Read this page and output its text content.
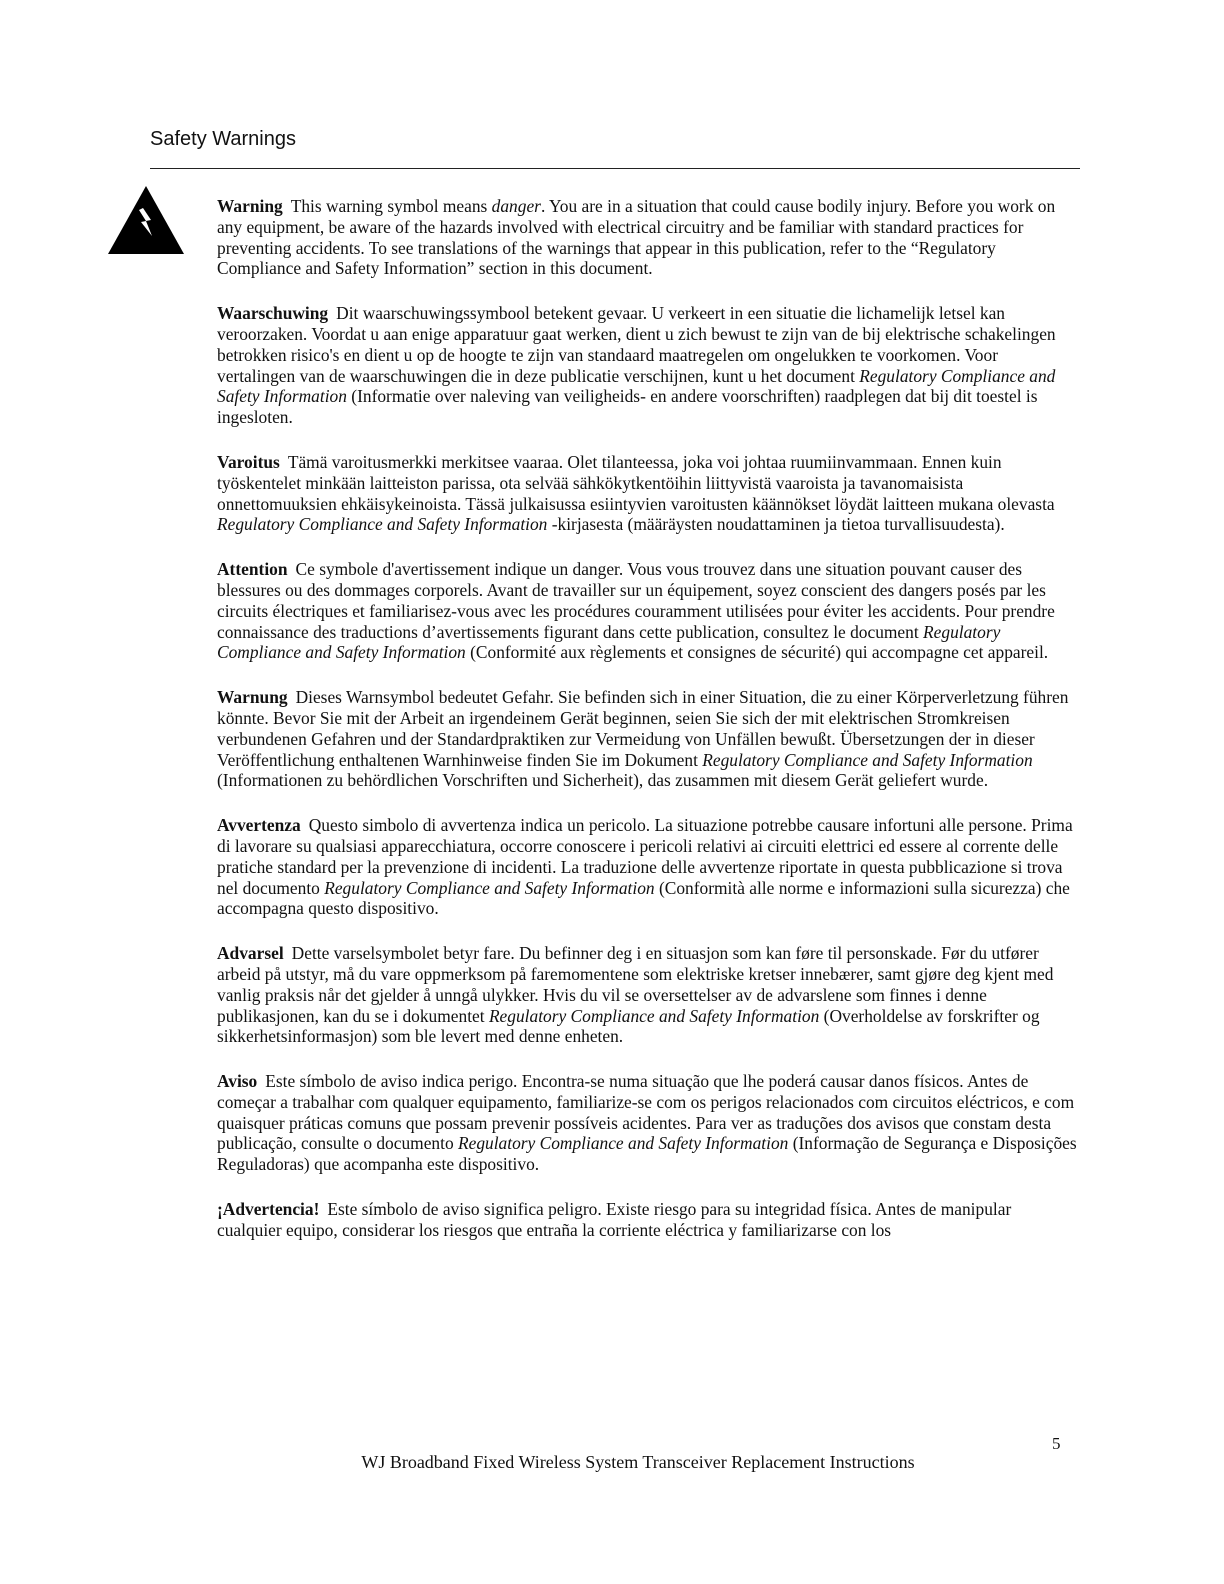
Safety Warnings

Warning This warning symbol means danger. You are in a situation that could cause bodily injury. Before you work on any equipment, be aware of the hazards involved with electrical circuitry and be familiar with standard practices for preventing accidents. To see translations of the warnings that appear in this publication, refer to the “Regulatory Compliance and Safety Information” section in this document.

Waarschuwing Dit waarschuwingssymbool betekent gevaar. U verkeert in een situatie die lichamelijk letsel kan veroorzaken. Voordat u aan enige apparatuur gaat werken, dient u zich bewust te zijn van de bij elektrische schakelingen betrokken risico's en dient u op de hoogte te zijn van standaard maatregelen om ongelukken te voorkomen. Voor vertalingen van de waarschuwingen die in deze publicatie verschijnen, kunt u het document Regulatory Compliance and Safety Information (Informatie over naleving van veiligheids- en andere voorschriften) raadplegen dat bij dit toestel is ingesloten.

Varoitus Tämä varoitusmerkki merkitsee vaaraa. Olet tilanteessa, joka voi johtaa ruumiinvammaan. Ennen kuin työskentelet minkään laitteiston parissa, ota selvää sähkökytkentöihin liittyvistä vaaroista ja tavanomaisista onnettomuuksien ehkäisykeinoista. Tässä julkaisussa esiintyvien varoitusten käännökset löydät laitteen mukana olevasta Regulatory Compliance and Safety Information -kirjasesta (määräysten noudattaminen ja tietoa turvallisuudesta).

Attention Ce symbole d'avertissement indique un danger. Vous vous trouvez dans une situation pouvant causer des blessures ou des dommages corporels. Avant de travailler sur un équipement, soyez conscient des dangers posés par les circuits électriques et familiarisez-vous avec les procédures couramment utilisées pour éviter les accidents. Pour prendre connaissance des traductions d’avertissements figurant dans cette publication, consultez le document Regulatory Compliance and Safety Information (Conformité aux règlements et consignes de sécurité) qui accompagne cet appareil.

Warnung Dieses Warnsymbol bedeutet Gefahr. Sie befinden sich in einer Situation, die zu einer Körperverletzung führen könnte. Bevor Sie mit der Arbeit an irgendeinem Gerät beginnen, seien Sie sich der mit elektrischen Stromkreisen verbundenen Gefahren und der Standardpraktiken zur Vermeidung von Unfällen bewußt. Übersetzungen der in dieser Veröffentlichung enthaltenen Warnhinweise finden Sie im Dokument Regulatory Compliance and Safety Information (Informationen zu behördlichen Vorschriften und Sicherheit), das zusammen mit diesem Gerät geliefert wurde.

Avvertenza Questo simbolo di avvertenza indica un pericolo. La situazione potrebbe causare infortuni alle persone. Prima di lavorare su qualsiasi apparecchiatura, occorre conoscere i pericoli relativi ai circuiti elettrici ed essere al corrente delle pratiche standard per la prevenzione di incidenti. La traduzione delle avvertenze riportate in questa pubblicazione si trova nel documento Regulatory Compliance and Safety Information (Conformità alle norme e informazioni sulla sicurezza) che accompagna questo dispositivo.

Advarsel Dette varselsymbolet betyr fare. Du befinner deg i en situasjon som kan føre til personskade. Før du utfører arbeid på utstyr, må du vare oppmerksom på faremomentene som elektriske kretser innebærer, samt gjøre deg kjent med vanlig praksis når det gjelder å unngå ulykker. Hvis du vil se oversettelser av de advarslene som finnes i denne publikasjonen, kan du se i dokumentet Regulatory Compliance and Safety Information (Overholdelse av forskrifter og sikkerhetsinformasjon) som ble levert med denne enheten.

Aviso Este símbolo de aviso indica perigo. Encontra-se numa situação que lhe poderá causar danos físicos. Antes de começar a trabalhar com qualquer equipamento, familiarize-se com os perigos relacionados com circuitos eléctricos, e com quaisquer práticas comuns que possam prevenir possíveis acidentes. Para ver as traduções dos avisos que constam desta publicação, consulte o documento Regulatory Compliance and Safety Information (Informação de Segurança e Disposições Reguladoras) que acompanha este dispositivo.

¡Advertencia! Este símbolo de aviso significa peligro. Existe riesgo para su integridad física. Antes de manipular cualquier equipo, considerar los riesgos que entraña la corriente eléctrica y familiarizarse con los

5
WJ Broadband Fixed Wireless System Transceiver Replacement Instructions
